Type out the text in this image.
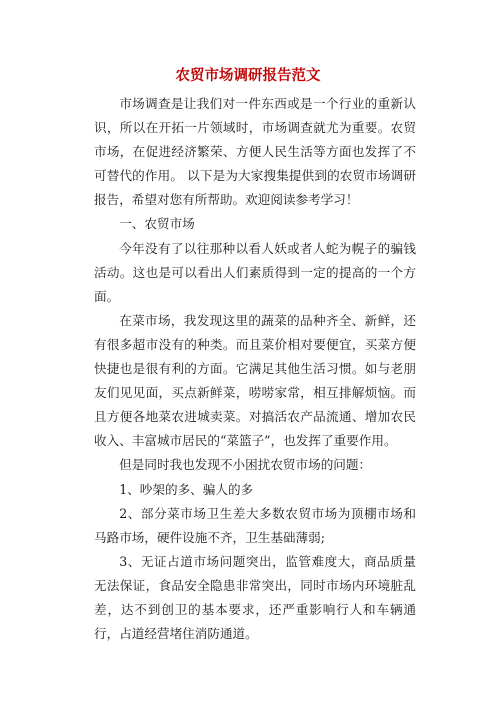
农贸市场调研报告范文

市场调查是让我们对一件东西或是一个行业的重新认识，所以在开拓一片领域时，市场调查就尤为重要。农贸市场，在促进经济繁荣、方便人民生活等方面也发挥了不可替代的作用。 以下是为大家搜集提供到的农贸市场调研报告，希望对您有所帮助。欢迎阅读参考学习！

一、农贸市场

今年没有了以往那种以看人妖或者人蛇为幌子的骗钱活动。这也是可以看出人们素质得到一定的提高的一个方面。

在菜市场，我发现这里的蔬菜的品种齐全、新鲜，还有很多超市没有的种类。而且菜价相对要便宜，买菜方便快捷也是很有利的方面。它满足其他生活习惯。如与老朋友们见见面，买点新鲜菜，唠唠家常，相互排解烦恼。而且方便各地菜农进城卖菜。对搞活农产品流通、增加农民收入、丰富城市居民的“菜篮子”，也发挥了重要作用。

但是同时我也发现不小困扰农贸市场的问题：

1、吵架的多、骗人的多

2、部分菜市场卫生差大多数农贸市场为顶棚市场和马路市场，硬件设施不齐，卫生基础薄弱;

3、无证占道市场问题突出，监管难度大，商品质量无法保证，食品安全隐患非常突出，同时市场内环境脏乱差，达不到创卫的基本要求，还严重影响行人和车辆通行，占道经营堵住消防通道。
